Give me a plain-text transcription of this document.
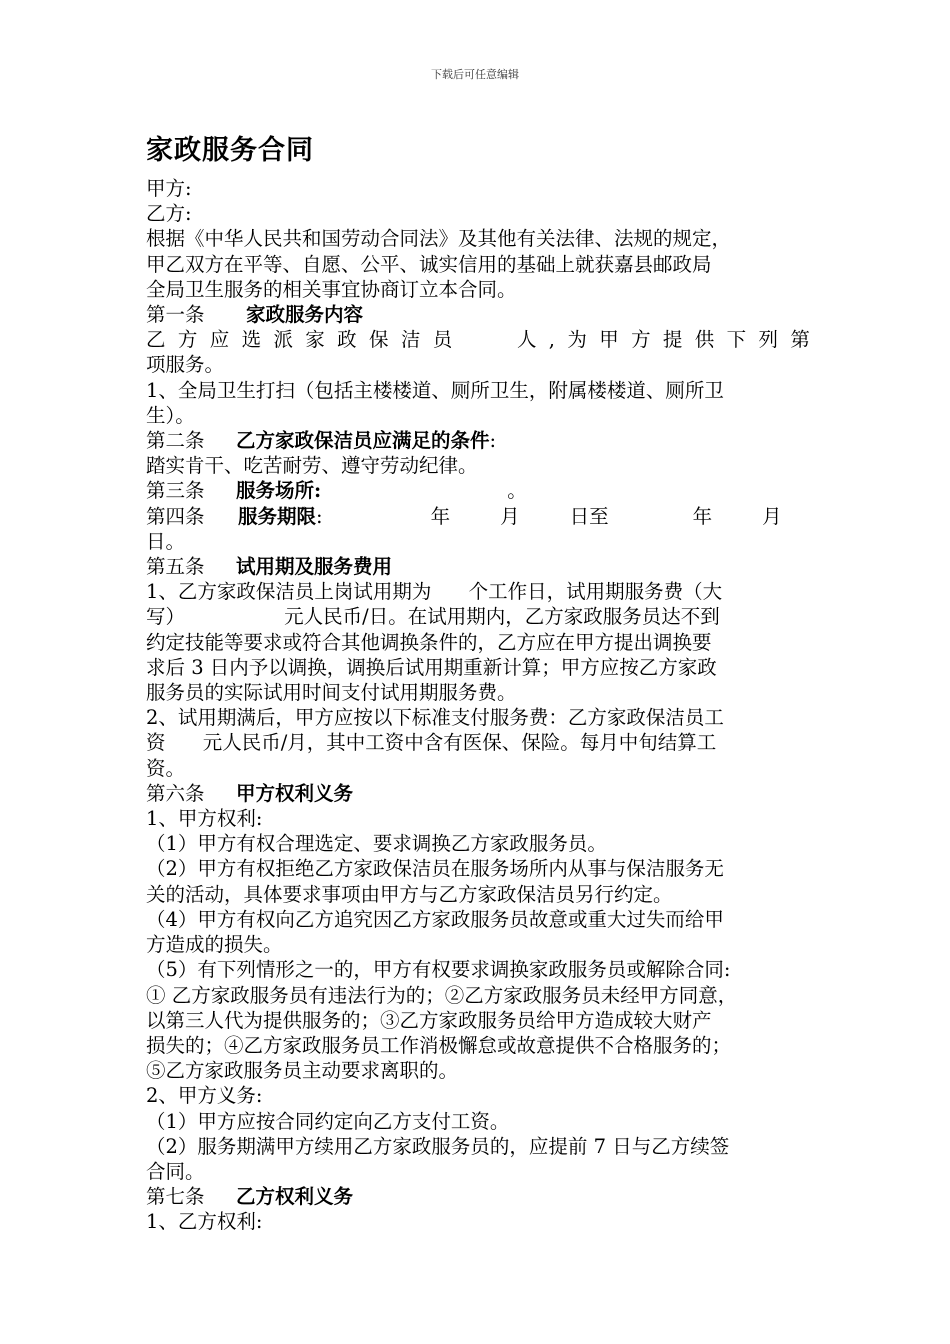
下载后可任意编辑
家政服务合同
甲方:
乙方:
根据《中华人民共和国劳动合同法》及其他有关法律、法规的规定，
甲乙双方在平等、自愿、公平、诚实信用的基础上就获嘉县邮政局
全局卫生服务的相关事宜协商订立本合同。
第一条 家政服务内容
乙 方 应 选 派 家 政 保 洁 员	人 , 为 甲 方 提 供 下 列 第
项服务。
1、全局卫生打扫（包括主楼楼道、厕所卫生，附属楼楼道、厕所卫
生）。
第二条 乙方家政保洁员应满足的条件:
踏实肯干、吃苦耐劳、遵守劳动纪律。
第三条 服务场所:	。
第四条 服务期限:	年	月	日至	年	月
日。
第五条 试用期及服务费用
1、乙方家政保洁员上岗试用期为      个工作日，试用期服务费（大
写）                元人民币/日。在试用期内，乙方家政服务员达不到
约定技能等要求或符合其他调换条件的，乙方应在甲方提出调换要
求后 3 日内予以调换，调换后试用期重新计算；甲方应按乙方家政
服务员的实际试用时间支付试用期服务费。
2、试用期满后，甲方应按以下标准支付服务费：乙方家政保洁员工
资      元人民币/月，其中工资中含有医保、保险。每月中旬结算工
资。
第六条 甲方权利义务
1、甲方权利:
（1）甲方有权合理选定、要求调换乙方家政服务员。
（2）甲方有权拒绝乙方家政保洁员在服务场所内从事与保洁服务无
关的活动，具体要求事项由甲方与乙方家政保洁员另行约定。
（4）甲方有权向乙方追究因乙方家政服务员故意或重大过失而给甲
方造成的损失。
（5）有下列情形之一的，甲方有权要求调换家政服务员或解除合同:
① 乙方家政服务员有违法行为的；②乙方家政服务员未经甲方同意，
以第三人代为提供服务的；③乙方家政服务员给甲方造成较大财产
损失的；④乙方家政服务员工作消极懈怠或故意提供不合格服务的；
⑤乙方家政服务员主动要求离职的。
2、甲方义务:
（1）甲方应按合同约定向乙方支付工资。
（2）服务期满甲方续用乙方家政服务员的，应提前 7 日与乙方续签
合同。
第七条 乙方权利义务
1、乙方权利:
